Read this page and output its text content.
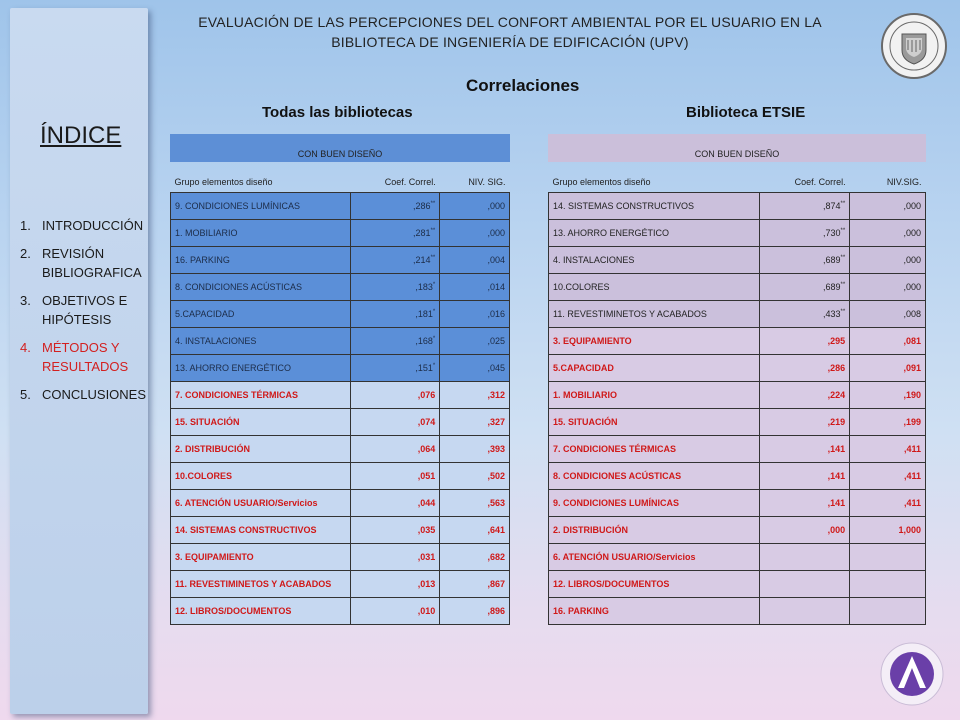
ÍNDICE
1. INTRODUCCIÓN
2. REVISIÓN BIBLIOGRAFICA
3. OBJETIVOS E HIPÓTESIS
4. MÉTODOS Y RESULTADOS
5. CONCLUSIONES
EVALUACIÓN DE LAS PERCEPCIONES DEL CONFORT AMBIENTAL POR EL USUARIO EN LA
BIBLIOTECA DE INGENIERÍA DE EDIFICACIÓN (UPV)
Correlaciones
Todas las bibliotecas	Biblioteca ETSIE
CON BUEN DISEÑO	CON BUEN DISEÑO
Grupo elementos diseño	Coef. Correl.	NIV. SIG.
9. CONDICIONES LUMÍNICAS	,286**	,000
1. MOBILIARIO	,281**	,000
16. PARKING	,214**	,004
8. CONDICIONES ACÚSTICAS	,183*	,014
5.CAPACIDAD	,181*	,016
4. INSTALACIONES	,168*	,025
13. AHORRO ENERGÉTICO	,151*	,045
7. CONDICIONES TÉRMICAS	,076	,312
15. SITUACIÓN	,074	,327
2. DISTRIBUCIÓN	,064	,393
10.COLORES	,051	,502
6. ATENCIÓN USUARIO/Servicios	,044	,563
14. SISTEMAS CONSTRUCTIVOS	,035	,641
3. EQUIPAMIENTO	,031	,682
11. REVESTIMINETOS Y ACABADOS	,013	,867
12. LIBROS/DOCUMENTOS	,010	,896
Grupo elementos diseño	Coef. Correl.	NIV.SIG.
14. SISTEMAS CONSTRUCTIVOS	,874**	,000
13. AHORRO ENERGÉTICO	,730**	,000
4. INSTALACIONES	,689**	,000
10.COLORES	,689**	,000
11. REVESTIMINETOS Y ACABADOS	,433**	,008
3. EQUIPAMIENTO	,295	,081
5.CAPACIDAD	,286	,091
1. MOBILIARIO	,224	,190
15. SITUACIÓN	,219	,199
7. CONDICIONES TÉRMICAS	,141	,411
8. CONDICIONES ACÚSTICAS	,141	,411
9. CONDICIONES LUMÍNICAS	,141	,411
2. DISTRIBUCIÓN	,000	1,000
6. ATENCIÓN USUARIO/Servicios		
12. LIBROS/DOCUMENTOS		
16. PARKING		
